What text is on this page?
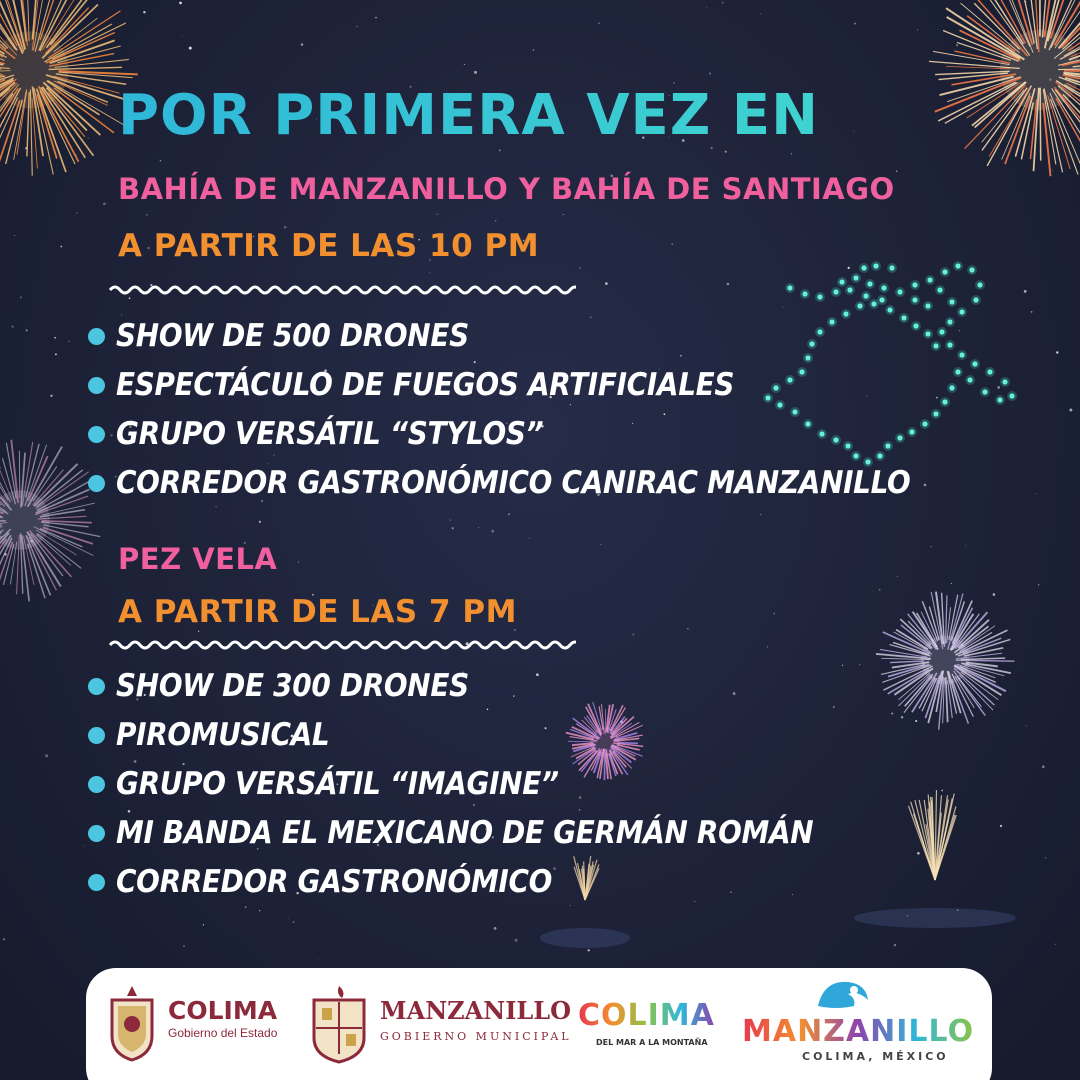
POR PRIMERA VEZ EN

BAHÍA DE MANZANILLO Y BAHÍA DE SANTIAGO

A PARTIR DE LAS 10 PM

SHOW DE 500 DRONES
ESPECTÁCULO DE FUEGOS ARTIFICIALES
GRUPO VERSÁTIL “STYLOS”
CORREDOR GASTRONÓMICO CANIRAC MANZANILLO

PEZ VELA

A PARTIR DE LAS 7 PM

SHOW DE 300 DRONES
PIROMUSICAL
GRUPO VERSÁTIL “IMAGINE”
MI BANDA EL MEXICANO DE GERMÁN ROMÁN
CORREDOR GASTRONÓMICO
COLIMA
Gobierno del Estado
MANZANILLO
GOBIERNO MUNICIPAL
COLIMA
DEL MAR A LA MONTAÑA MANZANILLO
COLIMA, MÉXICO
